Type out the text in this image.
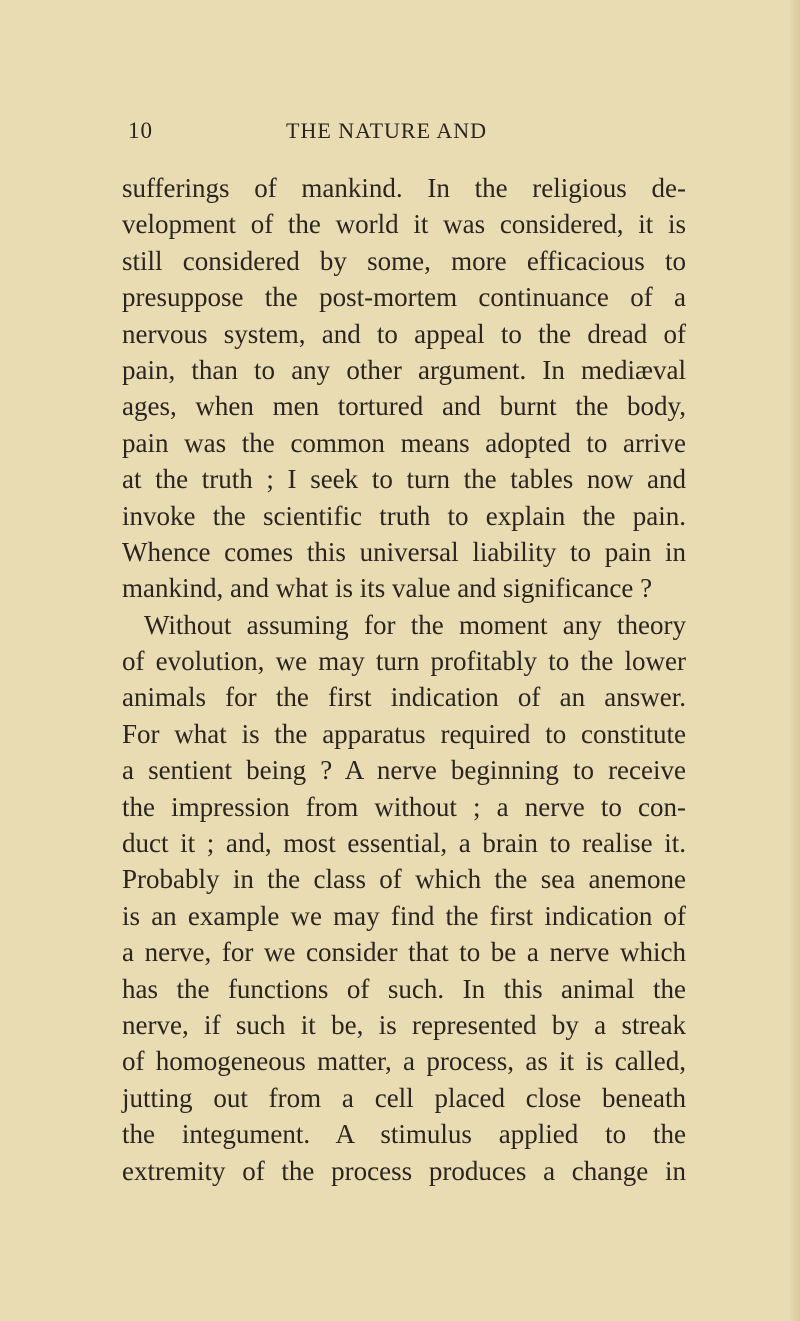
10	THE NATURE AND
sufferings of mankind. In the religious de-
velopment of the world it was considered, it is
still considered by some, more efficacious to
presuppose the post-mortem continuance of a
nervous system, and to appeal to the dread of
pain, than to any other argument. In mediæval
ages, when men tortured and burnt the body,
pain was the common means adopted to arrive
at the truth ; I seek to turn the tables now and
invoke the scientific truth to explain the pain.
Whence comes this universal liability to pain in
mankind, and what is its value and significance ?
Without assuming for the moment any theory
of evolution, we may turn profitably to the lower
animals for the first indication of an answer.
For what is the apparatus required to constitute
a sentient being ? A nerve beginning to receive
the impression from without ; a nerve to con-
duct it ; and, most essential, a brain to realise it.
Probably in the class of which the sea anemone
is an example we may find the first indication of
a nerve, for we consider that to be a nerve which
has the functions of such. In this animal the
nerve, if such it be, is represented by a streak
of homogeneous matter, a process, as it is called,
jutting out from a cell placed close beneath
the integument. A stimulus applied to the
extremity of the process produces a change in
